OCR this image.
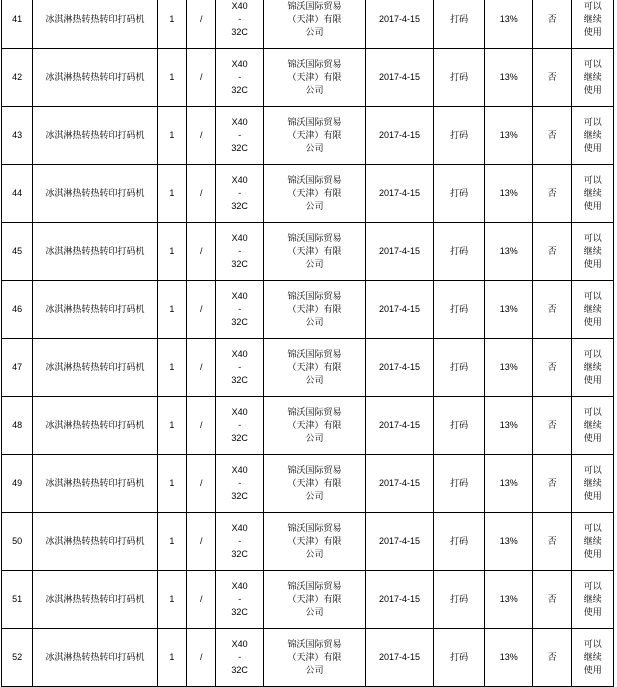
41	冰淇淋热转热转印打码机	1	/	X40
-
32C	锦沃国际贸易
（天津）有限
公司	2017-4-15	打码	13%	否	可以
继续
使用

42	冰淇淋热转热转印打码机	1	/	X40
-
32C	锦沃国际贸易
（天津）有限
公司	2017-4-15	打码	13%	否	可以
继续
使用

43	冰淇淋热转热转印打码机	1	/	X40
-
32C	锦沃国际贸易
（天津）有限
公司	2017-4-15	打码	13%	否	可以
继续
使用

44	冰淇淋热转热转印打码机	1	/	X40
-
32C	锦沃国际贸易
（天津）有限
公司	2017-4-15	打码	13%	否	可以
继续
使用

45	冰淇淋热转热转印打码机	1	/	X40
-
32C	锦沃国际贸易
（天津）有限
公司	2017-4-15	打码	13%	否	可以
继续
使用

46	冰淇淋热转热转印打码机	1	/	X40
-
32C	锦沃国际贸易
（天津）有限
公司	2017-4-15	打码	13%	否	可以
继续
使用

47	冰淇淋热转热转印打码机	1	/	X40
-
32C	锦沃国际贸易
（天津）有限
公司	2017-4-15	打码	13%	否	可以
继续
使用

48	冰淇淋热转热转印打码机	1	/	X40
-
32C	锦沃国际贸易
（天津）有限
公司	2017-4-15	打码	13%	否	可以
继续
使用

49	冰淇淋热转热转印打码机	1	/	X40
-
32C	锦沃国际贸易
（天津）有限
公司	2017-4-15	打码	13%	否	可以
继续
使用

50	冰淇淋热转热转印打码机	1	/	X40
-
32C	锦沃国际贸易
（天津）有限
公司	2017-4-15	打码	13%	否	可以
继续
使用

51	冰淇淋热转热转印打码机	1	/	X40
-
32C	锦沃国际贸易
（天津）有限
公司	2017-4-15	打码	13%	否	可以
继续
使用

52	冰淇淋热转热转印打码机	1	/	X40
-
32C	锦沃国际贸易
（天津）有限
公司	2017-4-15	打码	13%	否	可以
继续
使用
